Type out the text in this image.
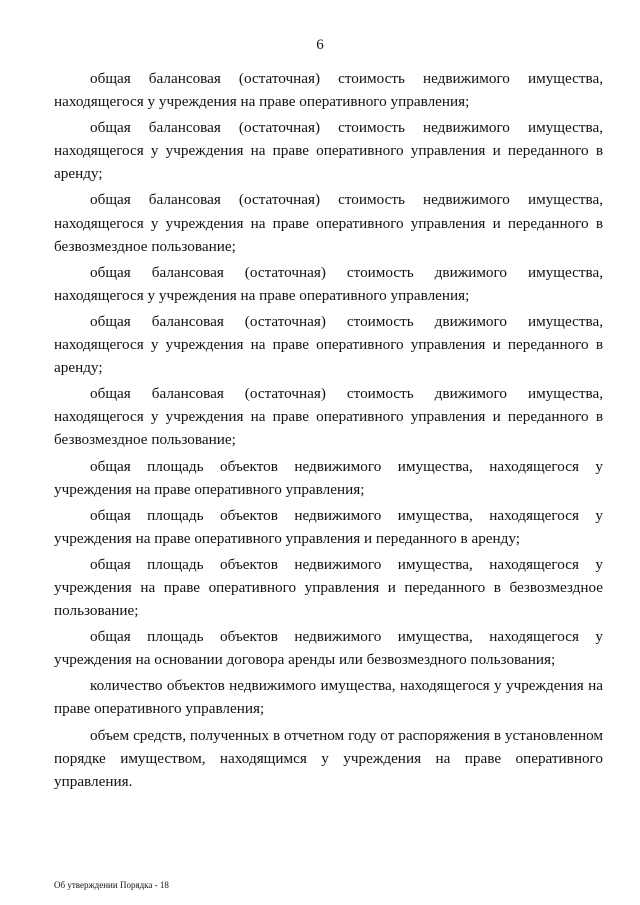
6

общая балансовая (остаточная) стоимость недвижимого имущества, находящегося у учреждения на праве оперативного управления;

общая балансовая (остаточная) стоимость недвижимого имущества, находящегося у учреждения на праве оперативного управления и переданного в аренду;

общая балансовая (остаточная) стоимость недвижимого имущества, находящегося у учреждения на праве оперативного управления и переданного в безвозмездное пользование;

общая балансовая (остаточная) стоимость движимого имущества, находящегося у учреждения на праве оперативного управления;

общая балансовая (остаточная) стоимость движимого имущества, находящегося у учреждения на праве оперативного управления и переданного в аренду;

общая балансовая (остаточная) стоимость движимого имущества, находящегося у учреждения на праве оперативного управления и переданного в безвозмездное пользование;

общая площадь объектов недвижимого имущества, находящегося у учреждения на праве оперативного управления;

общая площадь объектов недвижимого имущества, находящегося у учреждения на праве оперативного управления и переданного в аренду;

общая площадь объектов недвижимого имущества, находящегося у учреждения на праве оперативного управления и переданного в безвозмездное пользование;

общая площадь объектов недвижимого имущества, находящегося у учреждения на основании договора аренды или безвозмездного пользования;

количество объектов недвижимого имущества, находящегося у учреждения на праве оперативного управления;

объем средств, полученных в отчетном году от распоряжения в установленном порядке имуществом, находящимся у учреждения на праве оперативного управления.

Об утверждении Порядка - 18
